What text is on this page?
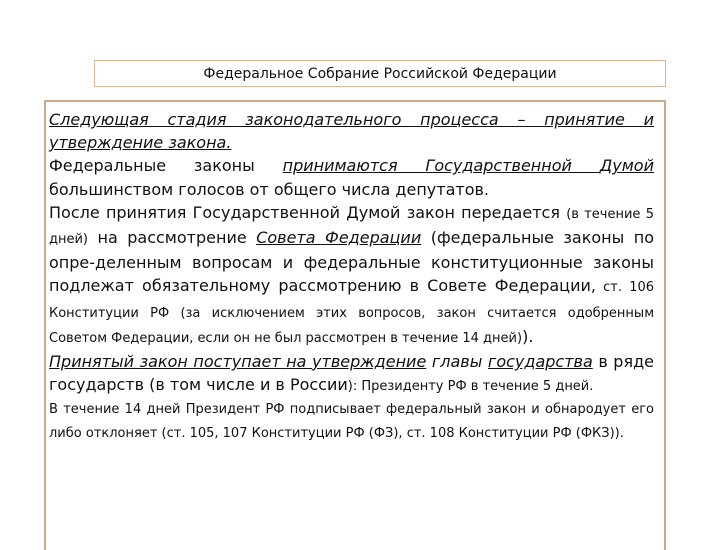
Федеральное Собрание Российской Федерации

Следующая стадия законодательного процесса – принятие и утверждение закона.

Федеральные законы принимаются Государственной Думой большинством голосов от общего числа депутатов.

После принятия Государственной Думой закон передается (в течение 5 дней) на рассмотрение Совета Федерации (федеральные законы по опре-деленным вопросам и федеральные конституционные законы подлежат обязательному рассмотрению в Совете Федерации, ст. 106 Конституции РФ (за исключением этих вопросов, закон считается одобренным Советом Федерации, если он не был рассмотрен в течение 14 дней)).

Принятый закон поступает на утверждение главы государства в ряде государств (в том числе и в России): Президенту РФ в течение 5 дней.

В течение 14 дней Президент РФ подписывает федеральный закон и обнародует его либо отклоняет (ст. 105, 107 Конституции РФ (ФЗ), ст. 108 Конституции РФ (ФКЗ)).
